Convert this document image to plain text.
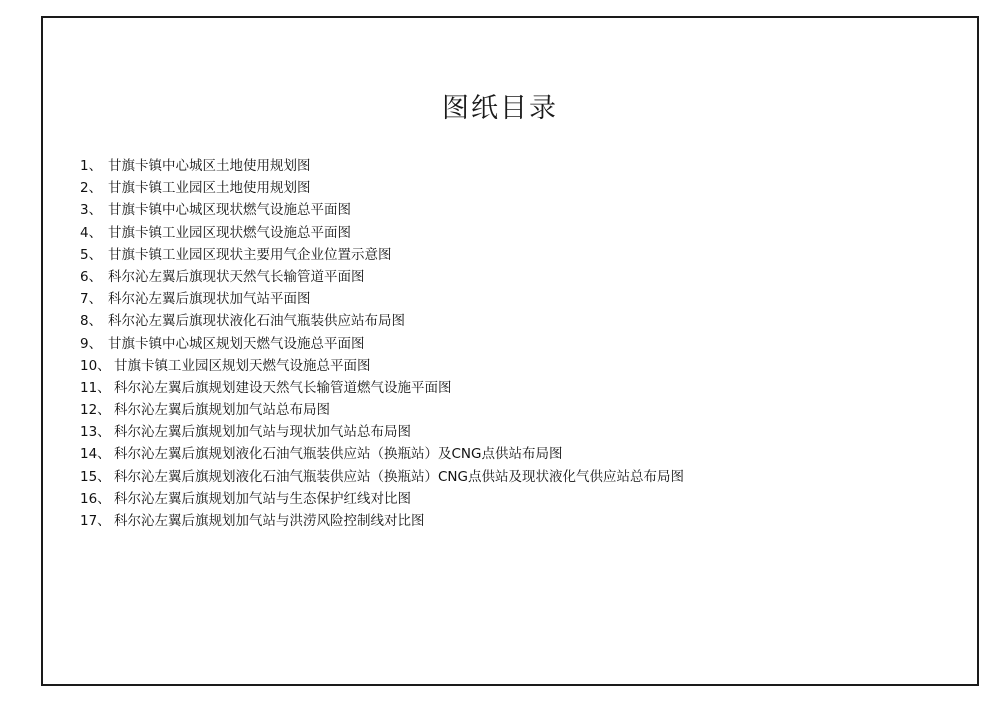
图纸目录
1、 甘旗卡镇中心城区土地使用规划图
2、 甘旗卡镇工业园区土地使用规划图
3、 甘旗卡镇中心城区现状燃气设施总平面图
4、 甘旗卡镇工业园区现状燃气设施总平面图
5、 甘旗卡镇工业园区现状主要用气企业位置示意图
6、 科尔沁左翼后旗现状天然气长输管道平面图
7、 科尔沁左翼后旗现状加气站平面图
8、 科尔沁左翼后旗现状液化石油气瓶装供应站布局图
9、 甘旗卡镇中心城区规划天燃气设施总平面图
10、 甘旗卡镇工业园区规划天燃气设施总平面图
11、 科尔沁左翼后旗规划建设天然气长输管道燃气设施平面图
12、 科尔沁左翼后旗规划加气站总布局图
13、 科尔沁左翼后旗规划加气站与现状加气站总布局图
14、 科尔沁左翼后旗规划液化石油气瓶装供应站（换瓶站）及CNG点供站布局图
15、 科尔沁左翼后旗规划液化石油气瓶装供应站（换瓶站）CNG点供站及现状液化气供应站总布局图
16、 科尔沁左翼后旗规划加气站与生态保护红线对比图
17、 科尔沁左翼后旗规划加气站与洪涝风险控制线对比图
